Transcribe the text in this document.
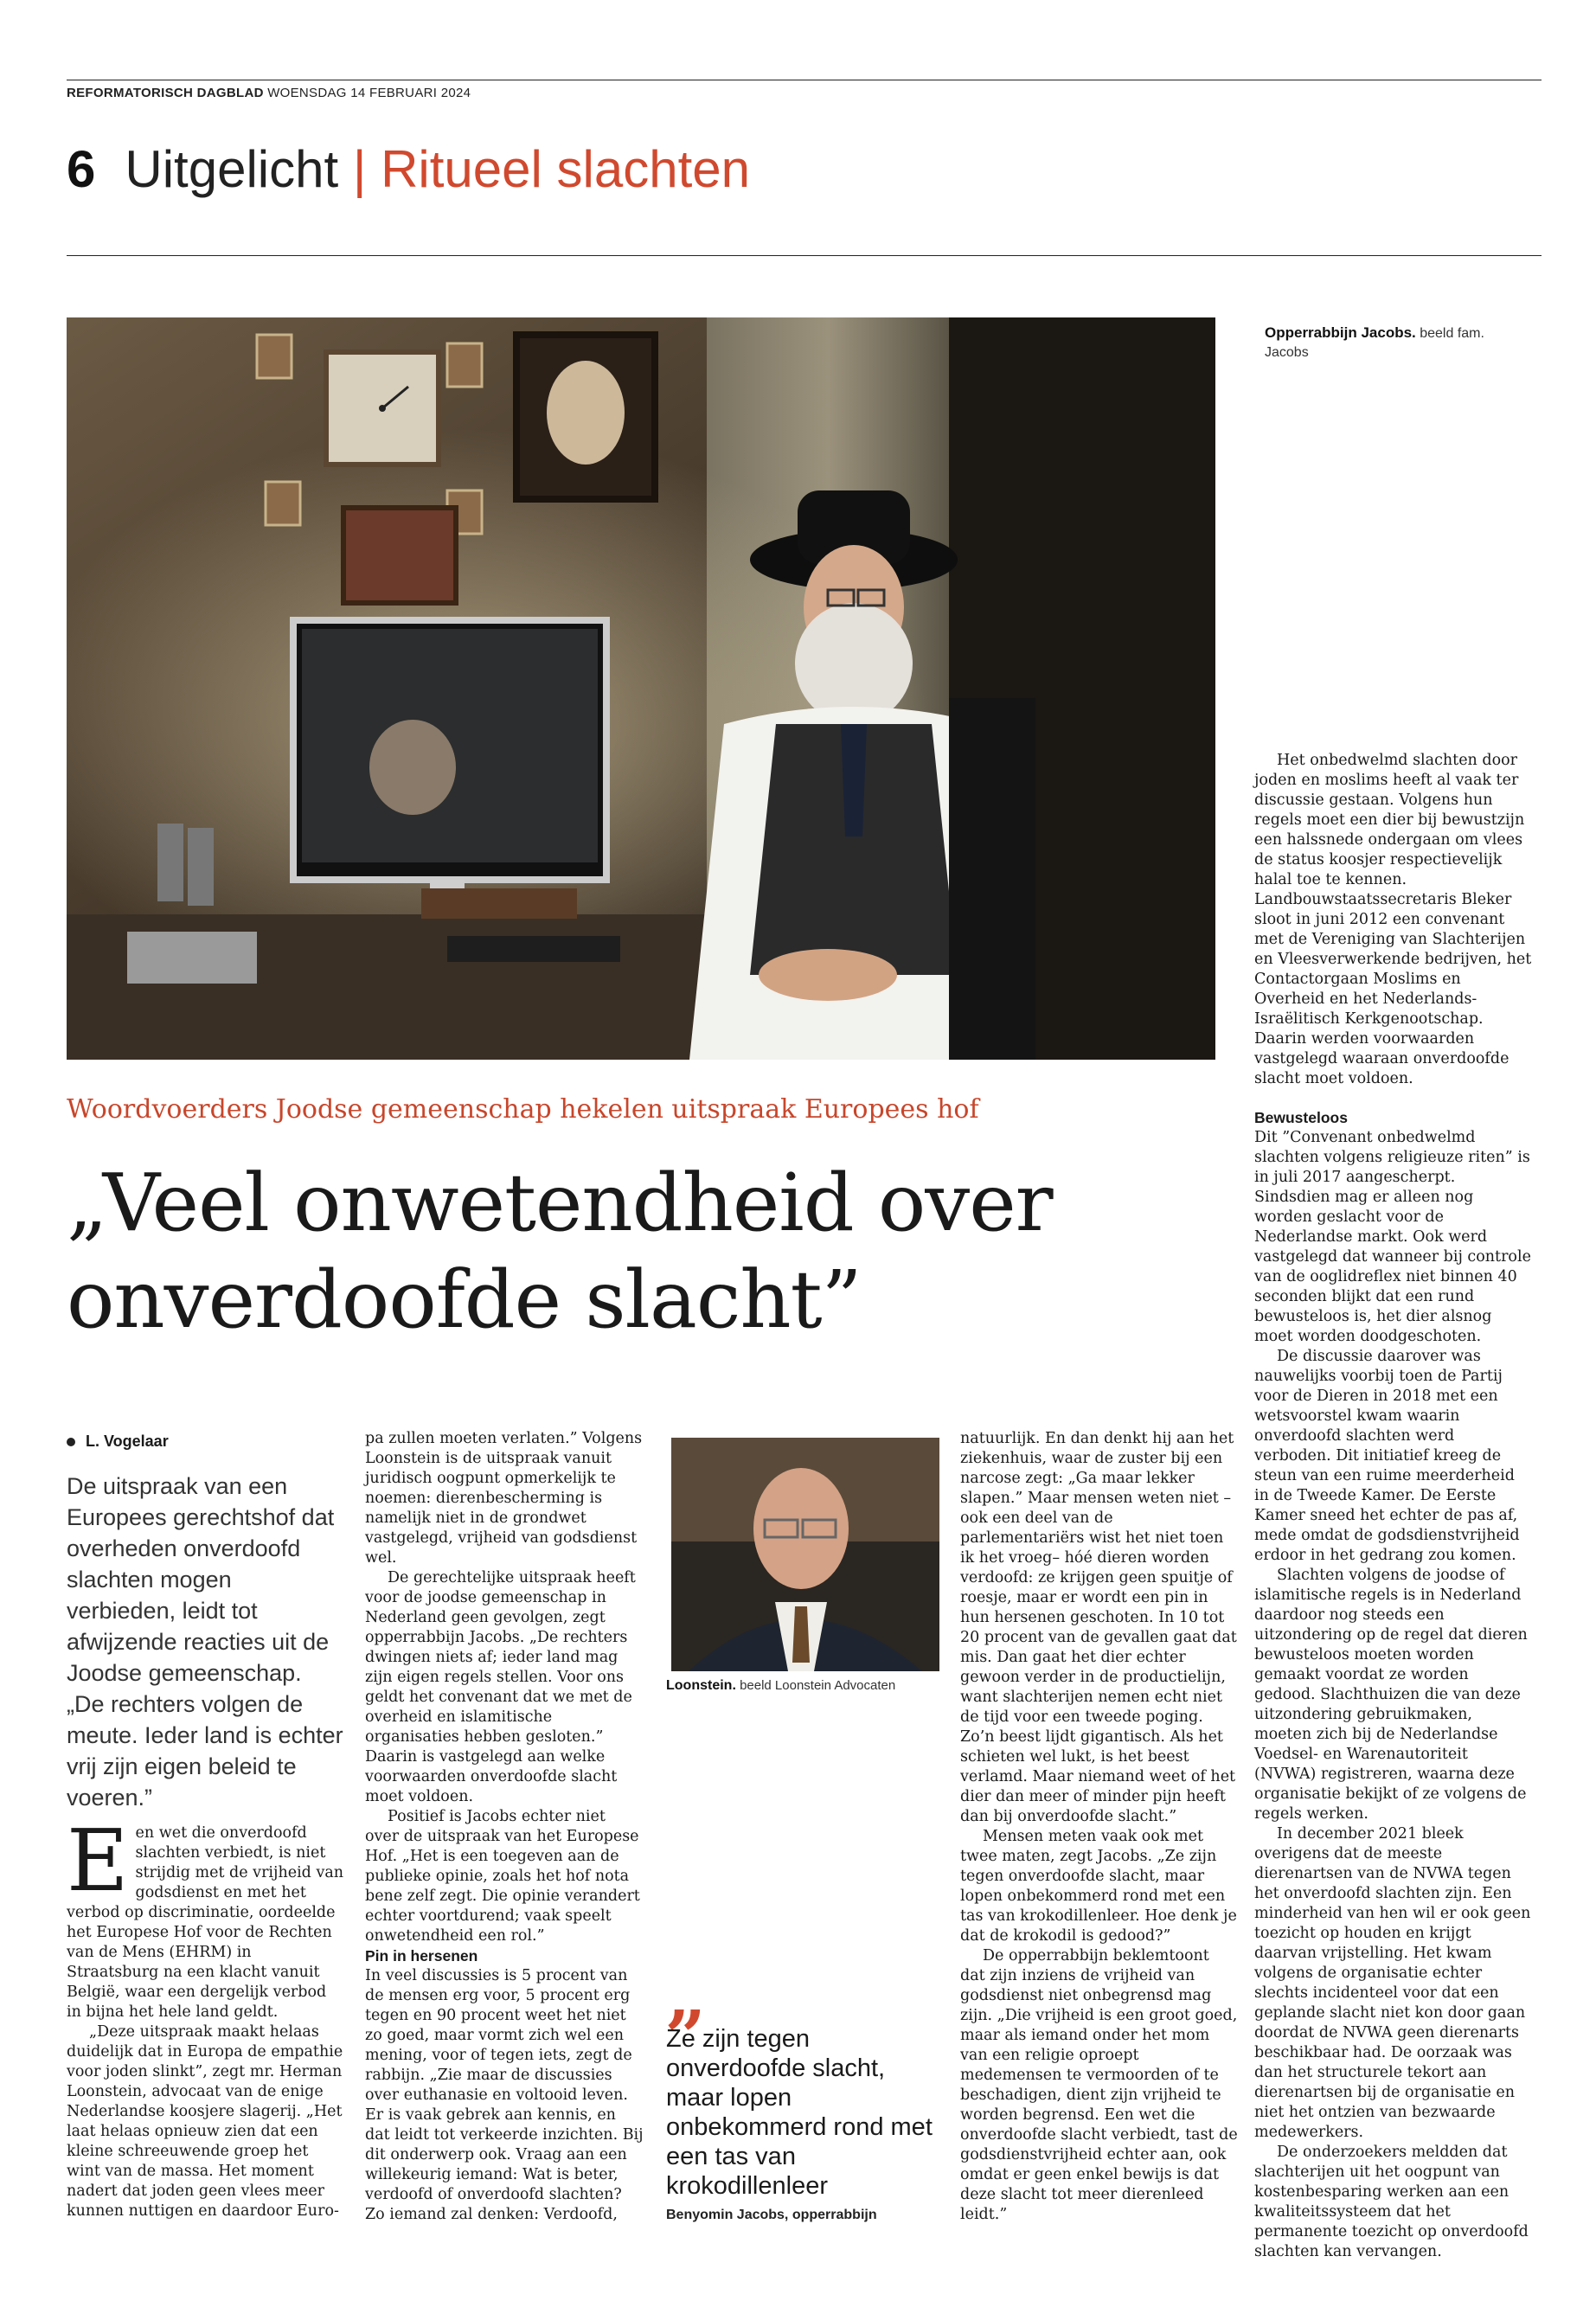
REFORMATORISCH DAGBLAD WOENSDAG 14 FEBRUARI 2024
6 Uitgelicht | Ritueel slachten
Opperrabbijn Jacobs. beeld fam. Jacobs
Woordvoerders Joodse gemeenschap hekelen uitspraak Europees hof
„Veel onwetendheid over onverdoofde slacht”
L. Vogelaar
De uitspraak van een Europees gerechtshof dat overheden onverdoofd slachten mogen verbieden, leidt tot afwijzende reacties uit de Joodse gemeenschap. „De rechters volgen de meute. Ieder land is echter vrij zijn eigen beleid te voeren.”

Een wet die onverdoofd slachten verbiedt, is niet strijdig met de vrijheid van godsdienst en met het verbod op discriminatie, oordeelde het Europese Hof voor de Rechten van de Mens (EHRM) in Straatsburg na een klacht vanuit België, waar een dergelijk verbod in bijna het hele land geldt.

„Deze uitspraak maakt helaas duidelijk dat in Europa de empathie voor joden slinkt”, zegt mr. Herman Loonstein, advocaat van de enige Nederlandse koosjere slagerij. „Het laat helaas opnieuw zien dat een kleine schreeuwende groep het wint van de massa. Het moment nadert dat joden geen vlees meer kunnen nuttigen en daardoor Euro-

pa zullen moeten verlaten.” Volgens Loonstein is de uitspraak vanuit juridisch oogpunt opmerkelijk te noemen: dierenbescherming is namelijk niet in de grondwet vastgelegd, vrijheid van godsdienst wel.

De gerechtelijke uitspraak heeft voor de joodse gemeenschap in Nederland geen gevolgen, zegt opperrabbijn Jacobs. „De rechters dwingen niets af; ieder land mag zijn eigen regels stellen. Voor ons geldt het convenant dat we met de overheid en islamitische organisaties hebben gesloten.” Daarin is vastgelegd aan welke voorwaarden onverdoofde slacht moet voldoen.

Positief is Jacobs echter niet over de uitspraak van het Europese Hof. „Het is een toegeven aan de publieke opinie, zoals het hof nota bene zelf zegt. Die opinie verandert echter voortdurend; vaak speelt onwetendheid een rol.”

Pin in hersenen

In veel discussies is 5 procent van de mensen erg voor, 5 procent erg tegen en 90 procent weet het niet zo goed, maar vormt zich wel een mening, voor of tegen iets, zegt de rabbijn. „Zie maar de discussies over euthanasie en voltooid leven. Er is vaak gebrek aan kennis, en dat leidt tot verkeerde inzichten. Bij dit onderwerp ook. Vraag aan een willekeurig iemand: Wat is beter, verdoofd of onverdoofd slachten? Zo iemand zal denken: Verdoofd,

Loonstein. beeld Loonstein Advocaten
„
Ze zijn tegen onverdoofde slacht, maar lopen onbekommerd rond met een tas van krokodillenleer
Benyomin Jacobs, opperrabbijn

natuurlijk. En dan denkt hij aan het ziekenhuis, waar de zuster bij een narcose zegt: „Ga maar lekker slapen.” Maar mensen weten niet –ook een deel van de parlementariërs wist het niet toen ik het vroeg– hóé dieren worden verdoofd: ze krijgen geen spuitje of roesje, maar er wordt een pin in hun hersenen geschoten. In 10 tot 20 procent van de gevallen gaat dat mis. Dan gaat het dier echter gewoon verder in de productielijn, want slachterijen nemen echt niet de tijd voor een tweede poging. Zo’n beest lijdt gigantisch. Als het schieten wel lukt, is het beest verlamd. Maar niemand weet of het dier dan meer of minder pijn heeft dan bij onverdoofde slacht.”

Mensen meten vaak ook met twee maten, zegt Jacobs. „Ze zijn tegen onverdoofde slacht, maar lopen onbekommerd rond met een tas van krokodillenleer. Hoe denk je dat de krokodil is gedood?”

De opperrabbijn beklemtoont dat zijn inziens de vrijheid van godsdienst niet onbegrensd mag zijn. „Die vrijheid is een groot goed, maar als iemand onder het mom van een religie oproept medemensen te vermoorden of te beschadigen, dient zijn vrijheid te worden begrensd. Een wet die onverdoofde slacht verbiedt, tast de godsdienstvrijheid echter aan, ook omdat er geen enkel bewijs is dat deze slacht tot meer dierenleed leidt.”

Het onbedwelmd slachten door joden en moslims heeft al vaak ter discussie gestaan. Volgens hun regels moet een dier bij bewustzijn een halssnede ondergaan om vlees de status koosjer respectievelijk halal toe te kennen. Landbouwstaatssecretaris Bleker sloot in juni 2012 een convenant met de Vereniging van Slachterijen en Vleesverwerkende bedrijven, het Contactorgaan Moslims en Overheid en het Nederlands-Israëlitisch Kerkgenootschap. Daarin werden voorwaarden vastgelegd waaraan onverdoofde slacht moet voldoen.

Bewusteloos

Dit ”Convenant onbedwelmd slachten volgens religieuze riten” is in juli 2017 aangescherpt. Sindsdien mag er alleen nog worden geslacht voor de Nederlandse markt. Ook werd vastgelegd dat wanneer bij controle van de ooglidreflex niet binnen 40 seconden blijkt dat een rund bewusteloos is, het dier alsnog moet worden doodgeschoten.

De discussie daarover was nauwelijks voorbij toen de Partij voor de Dieren in 2018 met een wetsvoorstel kwam waarin onverdoofd slachten werd verboden. Dit initiatief kreeg de steun van een ruime meerderheid in de Tweede Kamer. De Eerste Kamer sneed het echter de pas af, mede omdat de godsdienstvrijheid erdoor in het gedrang zou komen.

Slachten volgens de joodse of islamitische regels is in Nederland daardoor nog steeds een uitzondering op de regel dat dieren bewusteloos moeten worden gemaakt voordat ze worden gedood. Slachthuizen die van deze uitzondering gebruikmaken, moeten zich bij de Nederlandse Voedsel- en Warenautoriteit (NVWA) registreren, waarna deze organisatie bekijkt of ze volgens de regels werken.

In december 2021 bleek overigens dat de meeste dierenartsen van de NVWA tegen het onverdoofd slachten zijn. Een minderheid van hen wil er ook geen toezicht op houden en krijgt daarvan vrijstelling. Het kwam volgens de organisatie echter slechts incidenteel voor dat een geplande slacht niet kon door gaan doordat de NVWA geen dierenarts beschikbaar had. De oorzaak was dan het structurele tekort aan dierenartsen bij de organisatie en niet het ontzien van bezwaarde medewerkers.

De onderzoekers meldden dat slachterijen uit het oogpunt van kostenbesparing werken aan een kwaliteitssysteem dat het permanente toezicht op onverdoofd slachten kan vervangen.
